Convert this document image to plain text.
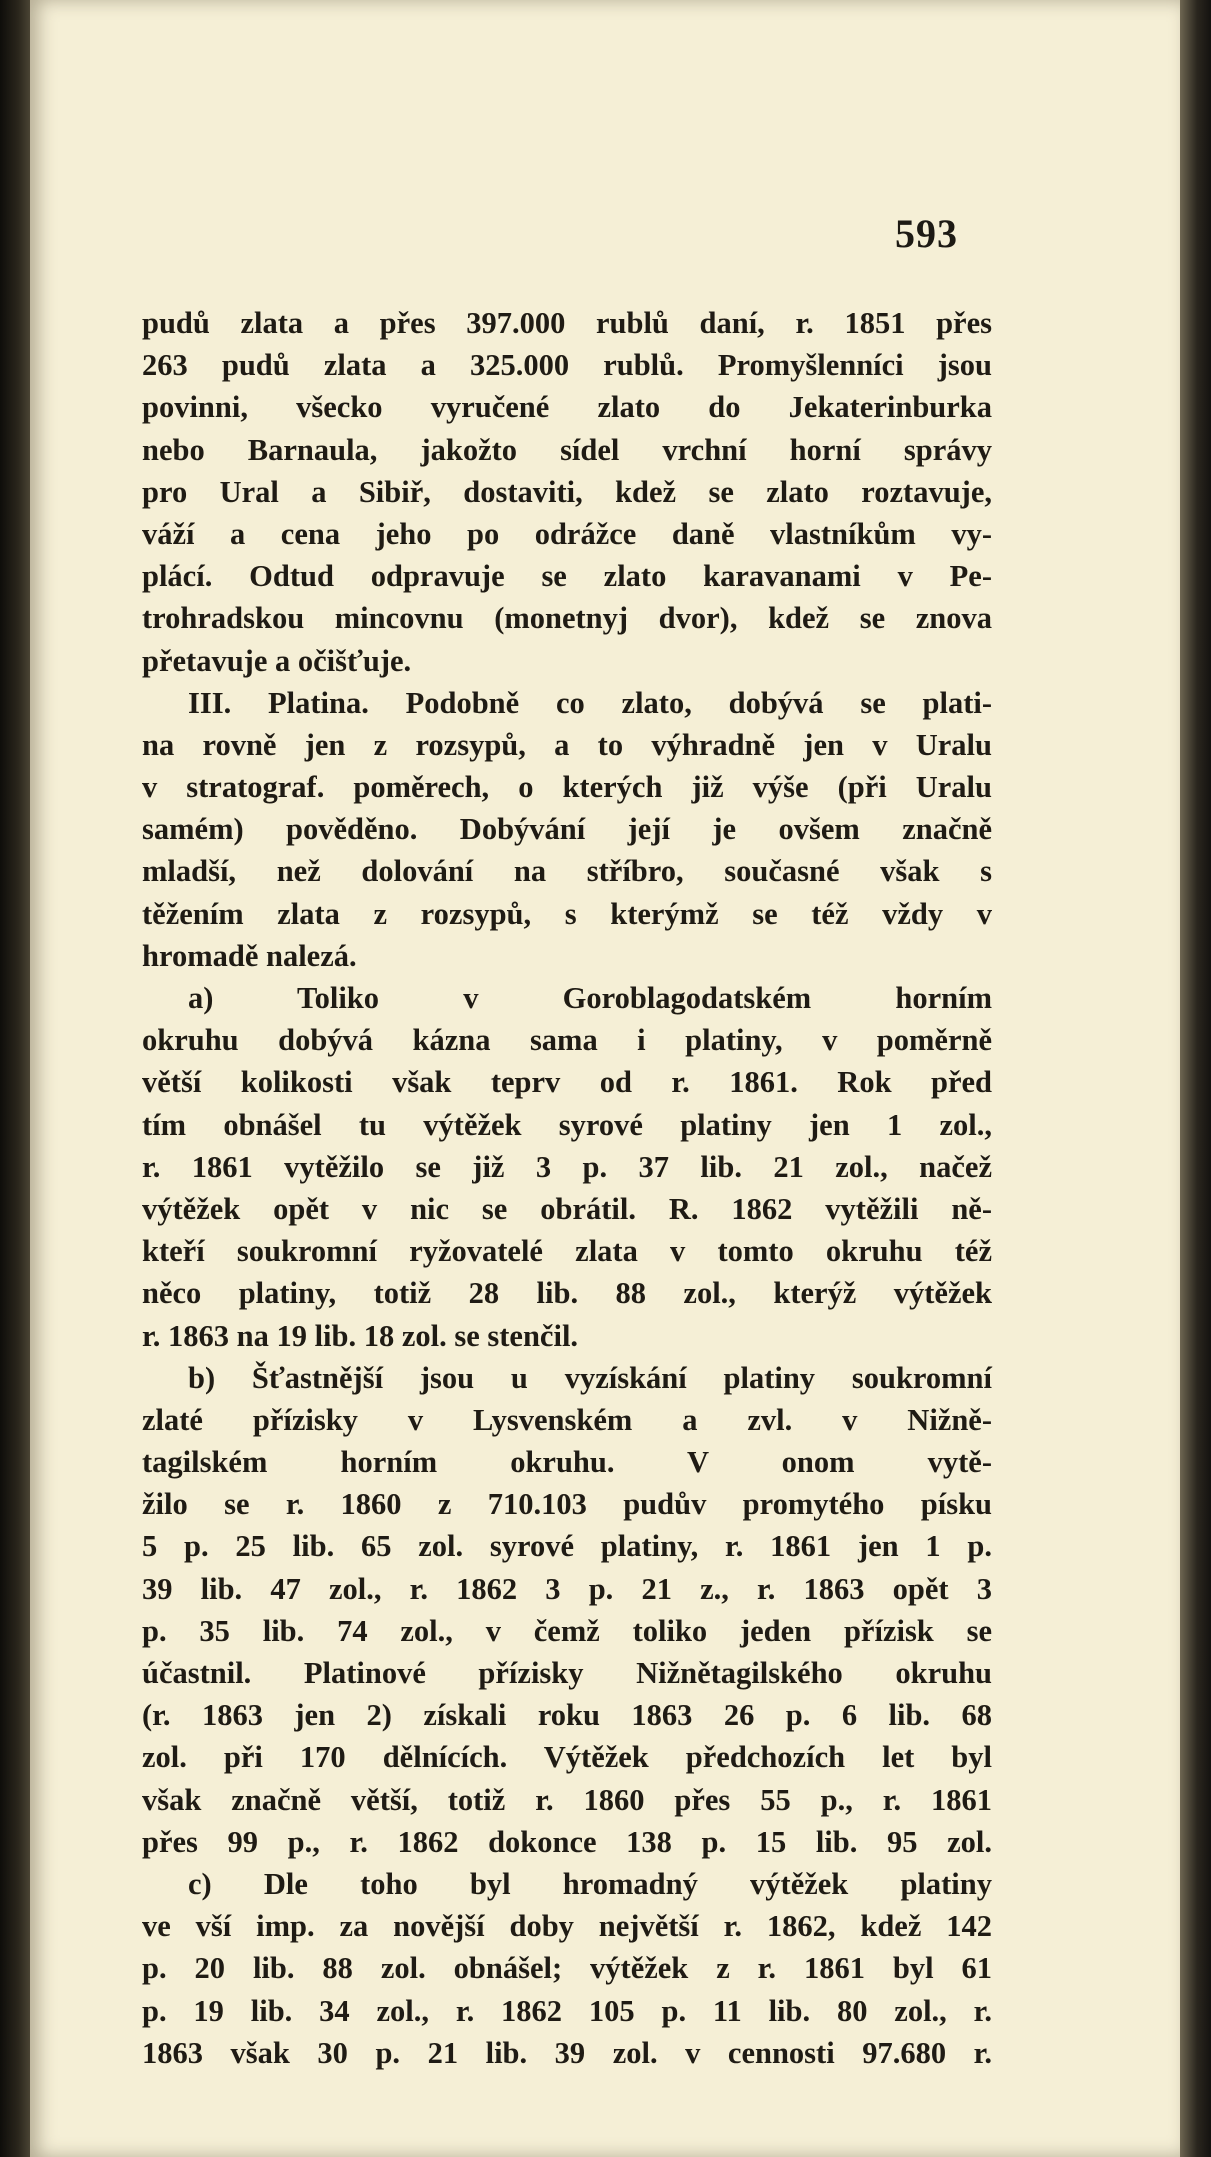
593
pudů zlata a přes 397.000 rublů daní, r. 1851 přes
263 pudů zlata a 325.000 rublů. Promyšlenníci jsou
povinni, všecko vyručené zlato do Jekaterinburka
nebo Barnaula, jakožto sídel vrchní horní správy
pro Ural a Sibiř, dostaviti, kdež se zlato roztavuje,
váží a cena jeho po odrážce daně vlastníkům vy-
plácí. Odtud odpravuje se zlato karavanami v Pe-
trohradskou mincovnu (monetnyj dvor), kdež se znova
přetavuje a očišťuje.
III. Platina. Podobně co zlato, dobývá se plati-
na rovně jen z rozsypů, a to výhradně jen v Uralu
v stratograf. poměrech, o kterých již výše (při Uralu
samém) pověděno. Dobývání její je ovšem značně
mladší, než dolování na stříbro, současné však s
těžením zlata z rozsypů, s kterýmž se též vždy v
hromadě nalezá.
a) Toliko v Goroblagodatském horním
okruhu dobývá kázna sama i platiny, v poměrně
větší kolikosti však teprv od r. 1861. Rok před
tím obnášel tu výtěžek syrové platiny jen 1 zol.,
r. 1861 vytěžilo se již 3 p. 37 lib. 21 zol., načež
výtěžek opět v nic se obrátil. R. 1862 vytěžili ně-
kteří soukromní ryžovatelé zlata v tomto okruhu též
něco platiny, totiž 28 lib. 88 zol., kterýž výtěžek
r. 1863 na 19 lib. 18 zol. se stenčil.
b) Šťastnější jsou u vyzískání platiny soukromní
zlaté přízisky v Lysvenském a zvl. v Nižně-
tagilském horním okruhu. V onom vytě-
žilo se r. 1860 z 710.103 pudův promytého písku
5 p. 25 lib. 65 zol. syrové platiny, r. 1861 jen 1 p.
39 lib. 47 zol., r. 1862 3 p. 21 z., r. 1863 opět 3
p. 35 lib. 74 zol., v čemž toliko jeden přízisk se
účastnil. Platinové přízisky Nižnětagilského okruhu
(r. 1863 jen 2) získali roku 1863 26 p. 6 lib. 68
zol. při 170 dělnících. Výtěžek předchozích let byl
však značně větší, totiž r. 1860 přes 55 p., r. 1861
přes 99 p., r. 1862 dokonce 138 p. 15 lib. 95 zol.
c) Dle toho byl hromadný výtěžek platiny
ve vší imp. za novější doby největší r. 1862, kdež 142
p. 20 lib. 88 zol. obnášel; výtěžek z r. 1861 byl 61
p. 19 lib. 34 zol., r. 1862 105 p. 11 lib. 80 zol., r.
1863 však 30 p. 21 lib. 39 zol. v cennosti 97.680 r.
